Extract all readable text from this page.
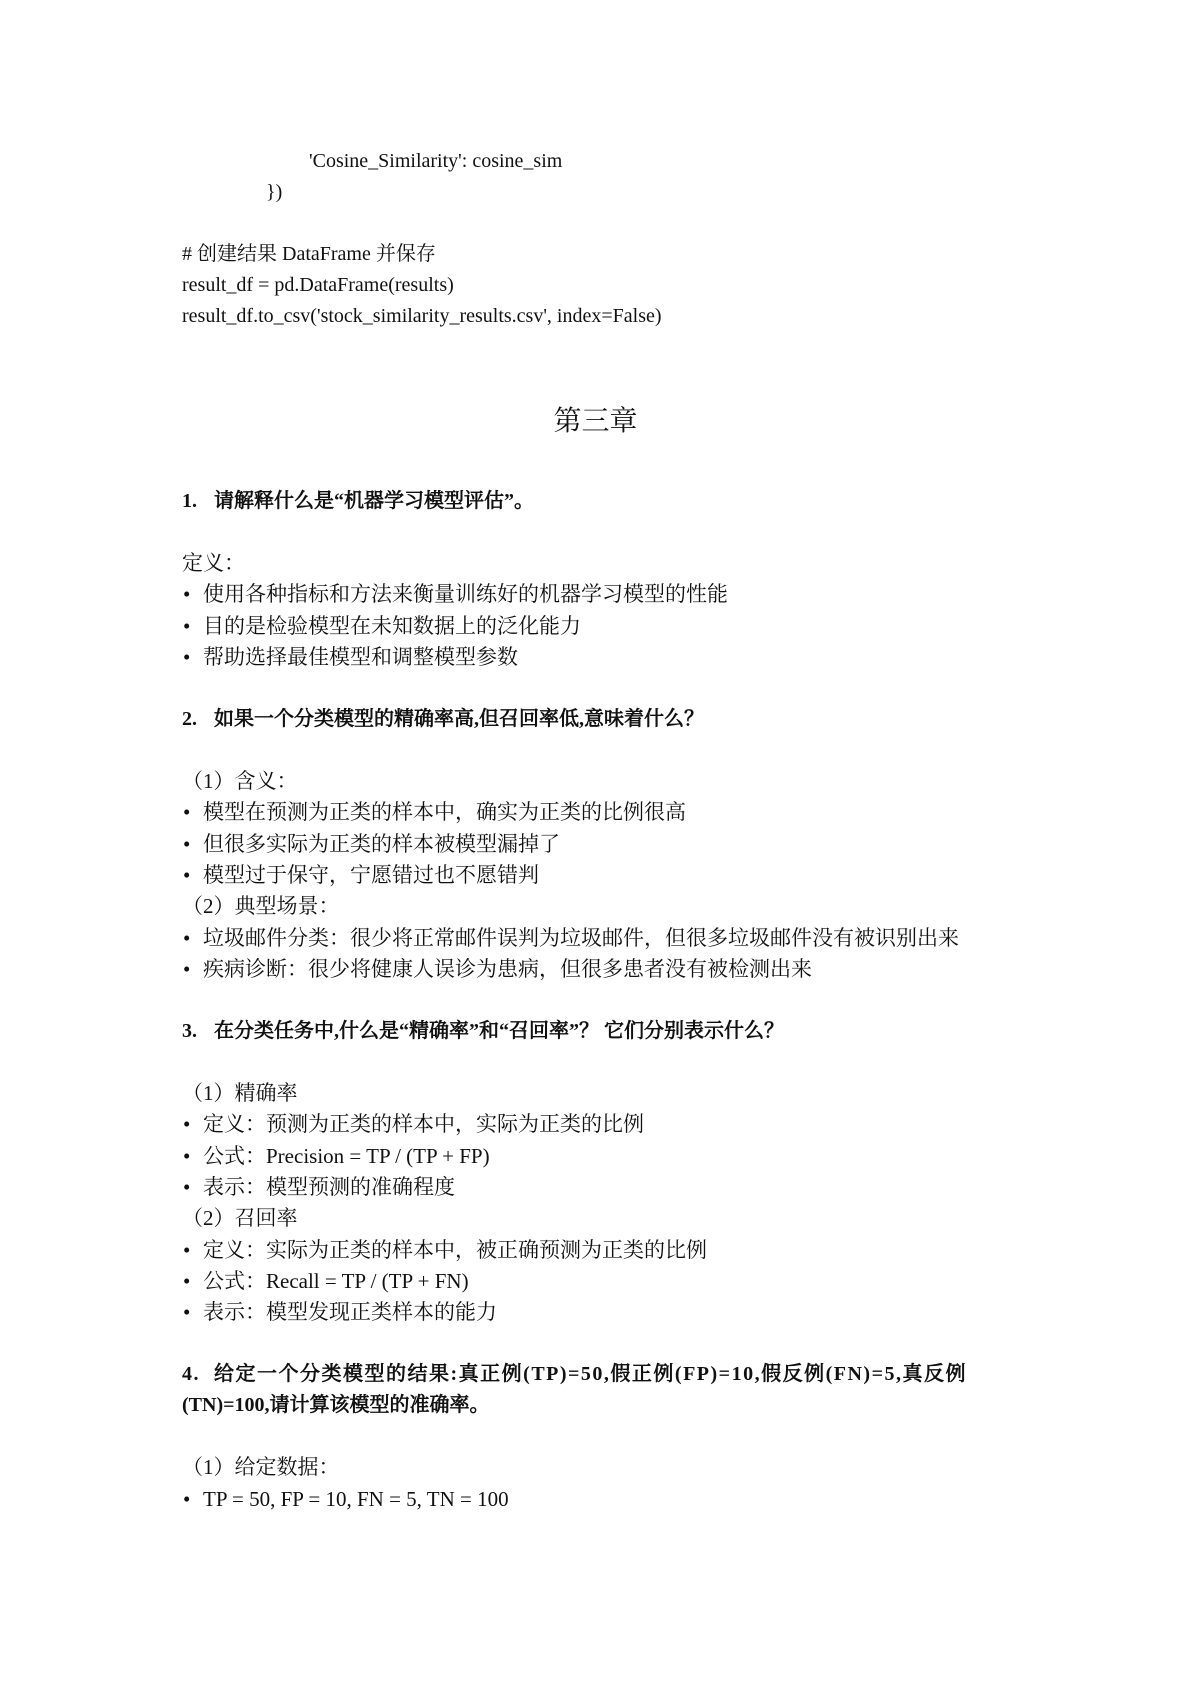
'Cosine_Similarity': cosine_sim
})
# 创建结果 DataFrame 并保存
result_df = pd.DataFrame(results)
result_df.to_csv('stock_similarity_results.csv', index=False)
第三章
1. 请解释什么是“机器学习模型评估”。
定义：
• 使用各种指标和方法来衡量训练好的机器学习模型的性能
• 目的是检验模型在未知数据上的泛化能力
• 帮助选择最佳模型和调整模型参数
2. 如果一个分类模型的精确率高,但召回率低,意味着什么？
（1）含义：
• 模型在预测为正类的样本中，确实为正类的比例很高
• 但很多实际为正类的样本被模型漏掉了
• 模型过于保守，宁愿错过也不愿错判
（2）典型场景：
• 垃圾邮件分类：很少将正常邮件误判为垃圾邮件，但很多垃圾邮件没有被识别出来
• 疾病诊断：很少将健康人误诊为患病，但很多患者没有被检测出来
3. 在分类任务中,什么是“精确率”和“召回率”？ 它们分别表示什么？
（1）精确率
• 定义：预测为正类的样本中，实际为正类的比例
• 公式：Precision = TP / (TP + FP)
• 表示：模型预测的准确程度
（2）召回率
• 定义：实际为正类的样本中，被正确预测为正类的比例
• 公式：Recall = TP / (TP + FN)
• 表示：模型发现正类样本的能力
4. 给定一个分类模型的结果:真正例(TP)=50,假正例(FP)=10,假反例(FN)=5,真反例
(TN)=100,请计算该模型的准确率。
（1）给定数据：
• TP = 50, FP = 10, FN = 5, TN = 100
